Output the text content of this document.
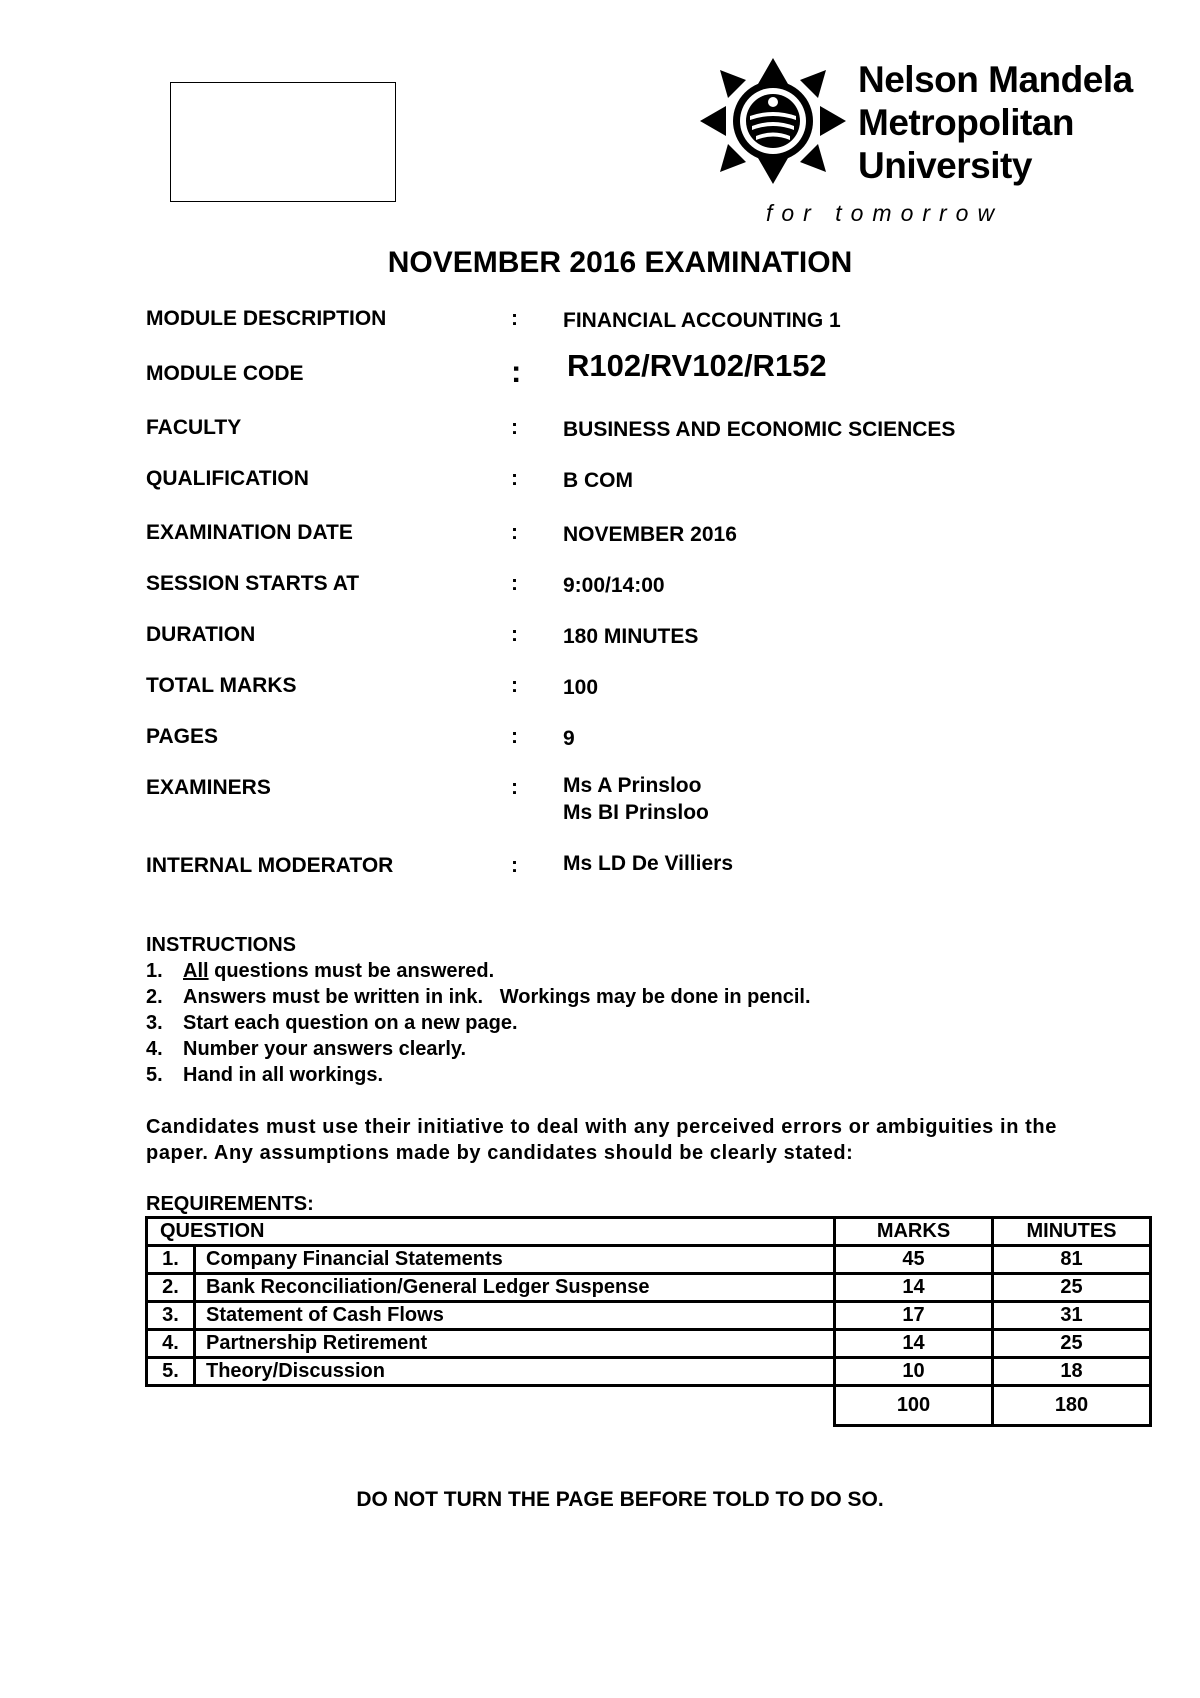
Nelson Mandela
Metropolitan
University
for tomorrow
NOVEMBER 2016 EXAMINATION
MODULE DESCRIPTION	: FINANCIAL ACCOUNTING 1
MODULE CODE	: R102/RV102/R152
FACULTY	: BUSINESS AND ECONOMIC SCIENCES
QUALIFICATION	: B COM
EXAMINATION DATE	: NOVEMBER 2016
SESSION STARTS AT	: 9:00/14:00
DURATION	: 180 MINUTES
TOTAL MARKS	: 100
PAGES	: 9
EXAMINERS	: Ms A Prinsloo
Ms BI Prinsloo
INTERNAL MODERATOR	: Ms LD De Villiers
INSTRUCTIONS
1. All questions must be answered.
2. Answers must be written in ink.   Workings may be done in pencil.
3. Start each question on a new page.
4. Number your answers clearly.
5. Hand in all workings.
Candidates must use their initiative to deal with any perceived errors or ambiguities in the paper. Any assumptions made by candidates should be clearly stated:
REQUIREMENTS:
QUESTION		MARKS	MINUTES
1.	Company Financial Statements	45	81
2.	Bank Reconciliation/General Ledger Suspense	14	25
3.	Statement of Cash Flows	17	31
4.	Partnership Retirement	14	25
5.	Theory/Discussion	10	18
		100	180
DO NOT TURN THE PAGE BEFORE TOLD TO DO SO.
